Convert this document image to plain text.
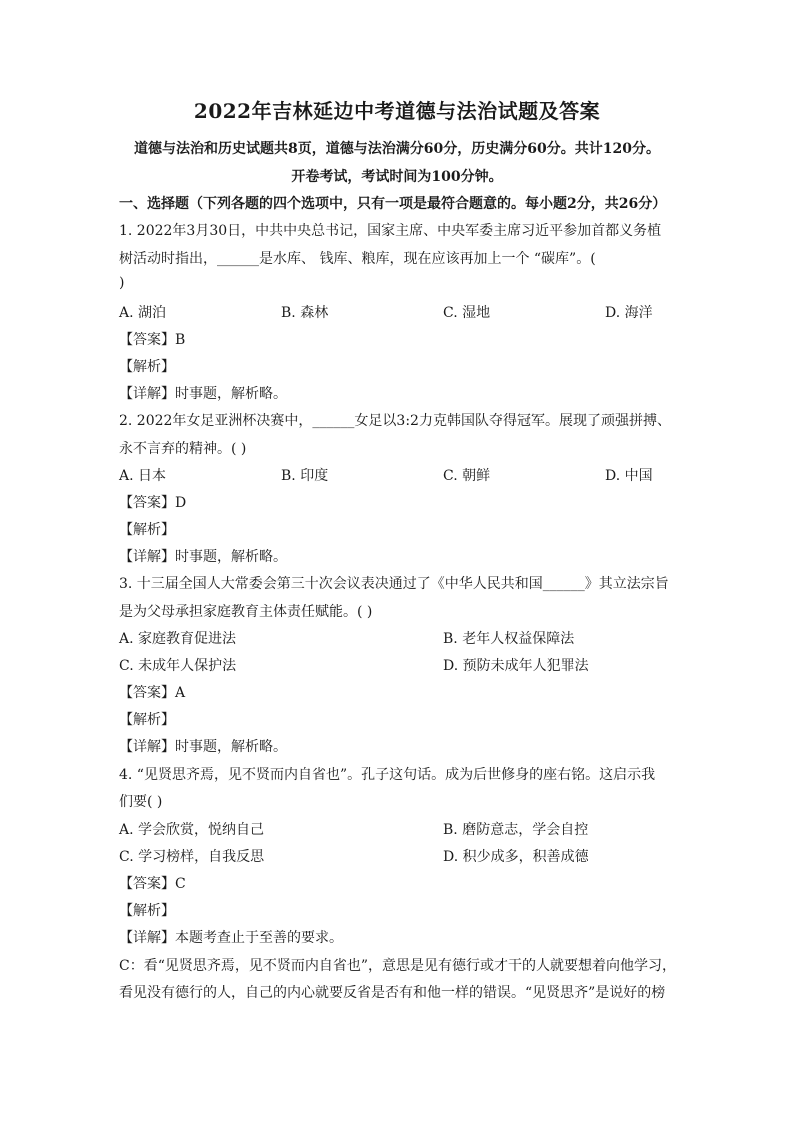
2022年吉林延边中考道德与法治试题及答案
道德与法治和历史试题共8页，道德与法治满分60分，历史满分60分。共计120分。
开卷考试，考试时间为100分钟。
一、选择题（下列各题的四个选项中，只有一项是最符合题意的。每小题2分，共26分）
1. 2022年3月30日，中共中央总书记，国家主席、中央军委主席习近平参加首都义务植
树活动时指出，______是水库、 钱库、粮库，现在应该再加上一个 “碳库”。(
)
A. 湖泊	B. 森林	C. 湿地	D. 海洋
【答案】B
【解析】
【详解】时事题，解析略。
2. 2022年女足亚洲杯决赛中，______女足以3:2力克韩国队夺得冠军。展现了顽强拼搏、
永不言弃的精神。( )
A. 日本	B. 印度	C. 朝鲜	D. 中国
【答案】D
【解析】
【详解】时事题，解析略。
3. 十三届全国人大常委会第三十次会议表决通过了《中华人民共和国______》其立法宗旨
是为父母承担家庭教育主体责任赋能。( )
A. 家庭教育促进法	B. 老年人权益保障法
C. 未成年人保护法	D. 预防未成年人犯罪法
【答案】A
【解析】
【详解】时事题，解析略。
4. “见贤思齐焉，见不贤而内自省也”。孔子这句话。成为后世修身的座右铭。这启示我
们要( )
A. 学会欣赏，悦纳自己	B. 磨防意志，学会自控
C. 学习榜样，自我反思	D. 积少成多，积善成德
【答案】C
【解析】
【详解】本题考查止于至善的要求。
C：看“见贤思齐焉，见不贤而内自省也”，意思是见有德行或才干的人就要想着向他学习，
看见没有德行的人，自己的内心就要反省是否有和他一样的错误。“见贤思齐”是说好的榜
